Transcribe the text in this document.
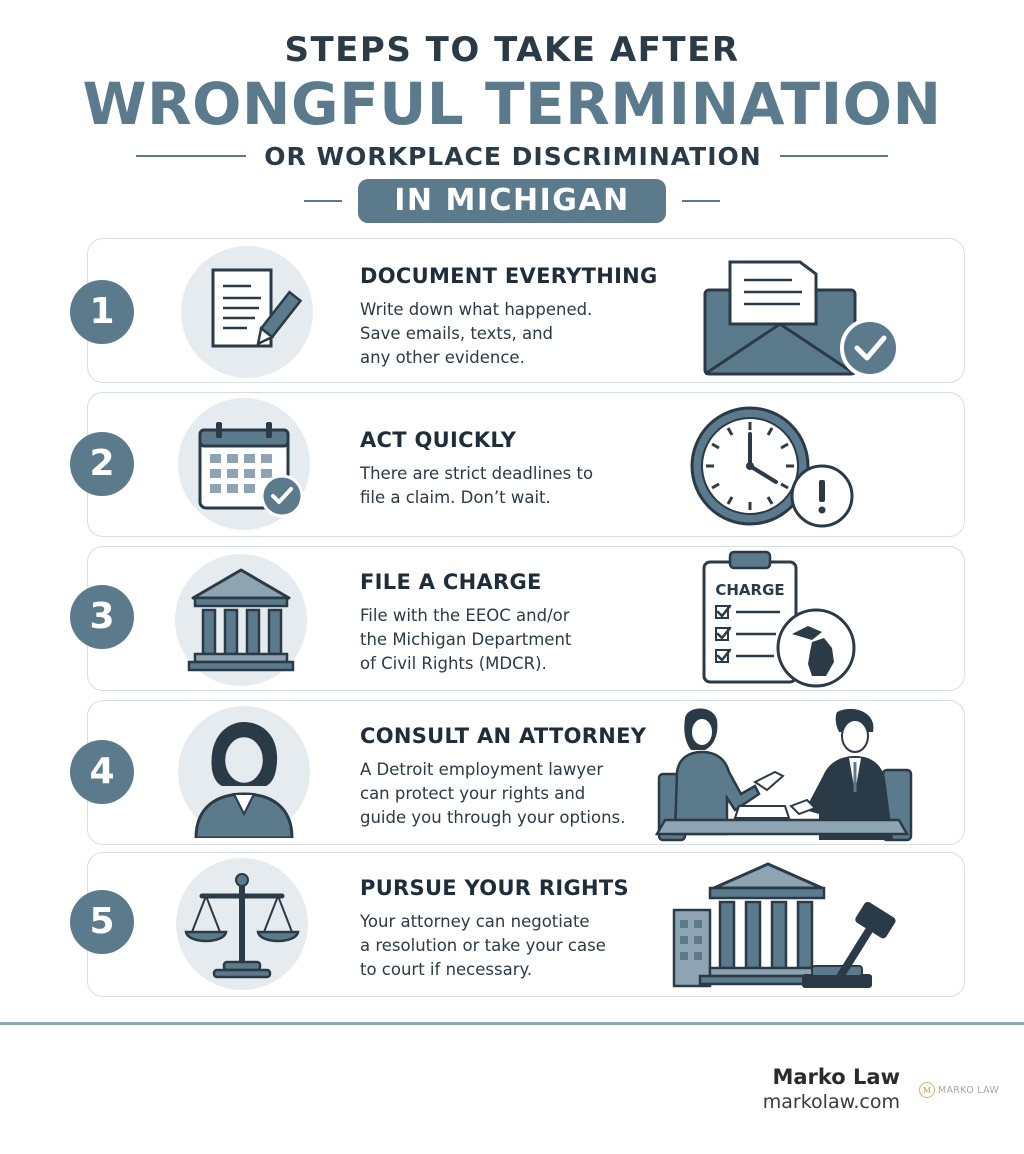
STEPS TO TAKE AFTER
WRONGFUL TERMINATION
OR WORKPLACE DISCRIMINATION
IN MICHIGAN
1
DOCUMENT EVERYTHING
Write down what happened.
Save emails, texts, and
any other evidence.
2
ACT QUICKLY
There are strict deadlines to
file a claim. Don’t wait.
3
FILE A CHARGE
File with the EEOC and/or
the Michigan Department
of Civil Rights (MDCR).
CHARGE
4
CONSULT AN ATTORNEY
A Detroit employment lawyer
can protect your rights and
guide you through your options.
5
PURSUE YOUR RIGHTS
Your attorney can negotiate
a resolution or take your case
to court if necessary.
Marko Law
markolaw.com
M MARKO LAW
